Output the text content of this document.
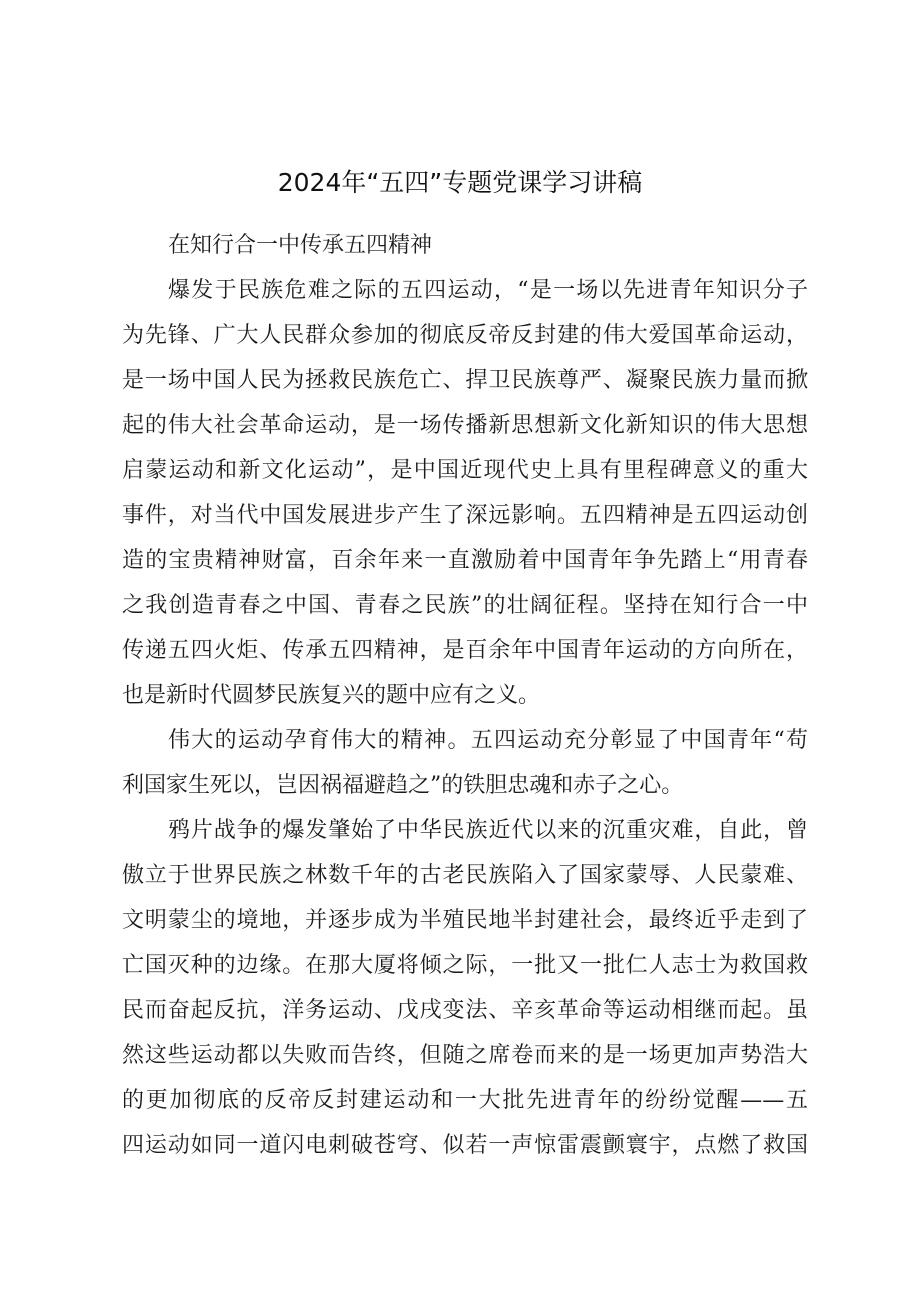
2024年“五四”专题党课学习讲稿
在知行合一中传承五四精神
爆发于民族危难之际的五四运动，“是一场以先进青年知识分子
为先锋、广大人民群众参加的彻底反帝反封建的伟大爱国革命运动，
是一场中国人民为拯救民族危亡、捍卫民族尊严、凝聚民族力量而掀
起的伟大社会革命运动，是一场传播新思想新文化新知识的伟大思想
启蒙运动和新文化运动”，是中国近现代史上具有里程碑意义的重大
事件，对当代中国发展进步产生了深远影响。五四精神是五四运动创
造的宝贵精神财富，百余年来一直激励着中国青年争先踏上“用青春
之我创造青春之中国、青春之民族”的壮阔征程。坚持在知行合一中
传递五四火炬、传承五四精神，是百余年中国青年运动的方向所在，
也是新时代圆梦民族复兴的题中应有之义。
伟大的运动孕育伟大的精神。五四运动充分彰显了中国青年“苟
利国家生死以，岂因祸福避趋之”的铁胆忠魂和赤子之心。
鸦片战争的爆发肇始了中华民族近代以来的沉重灾难，自此，曾
傲立于世界民族之林数千年的古老民族陷入了国家蒙辱、人民蒙难、
文明蒙尘的境地，并逐步成为半殖民地半封建社会，最终近乎走到了
亡国灭种的边缘。在那大厦将倾之际，一批又一批仁人志士为救国救
民而奋起反抗，洋务运动、戊戌变法、辛亥革命等运动相继而起。虽
然这些运动都以失败而告终，但随之席卷而来的是一场更加声势浩大
的更加彻底的反帝反封建运动和一大批先进青年的纷纷觉醒——五
四运动如同一道闪电刺破苍穹、似若一声惊雷震颤寰宇，点燃了救国
